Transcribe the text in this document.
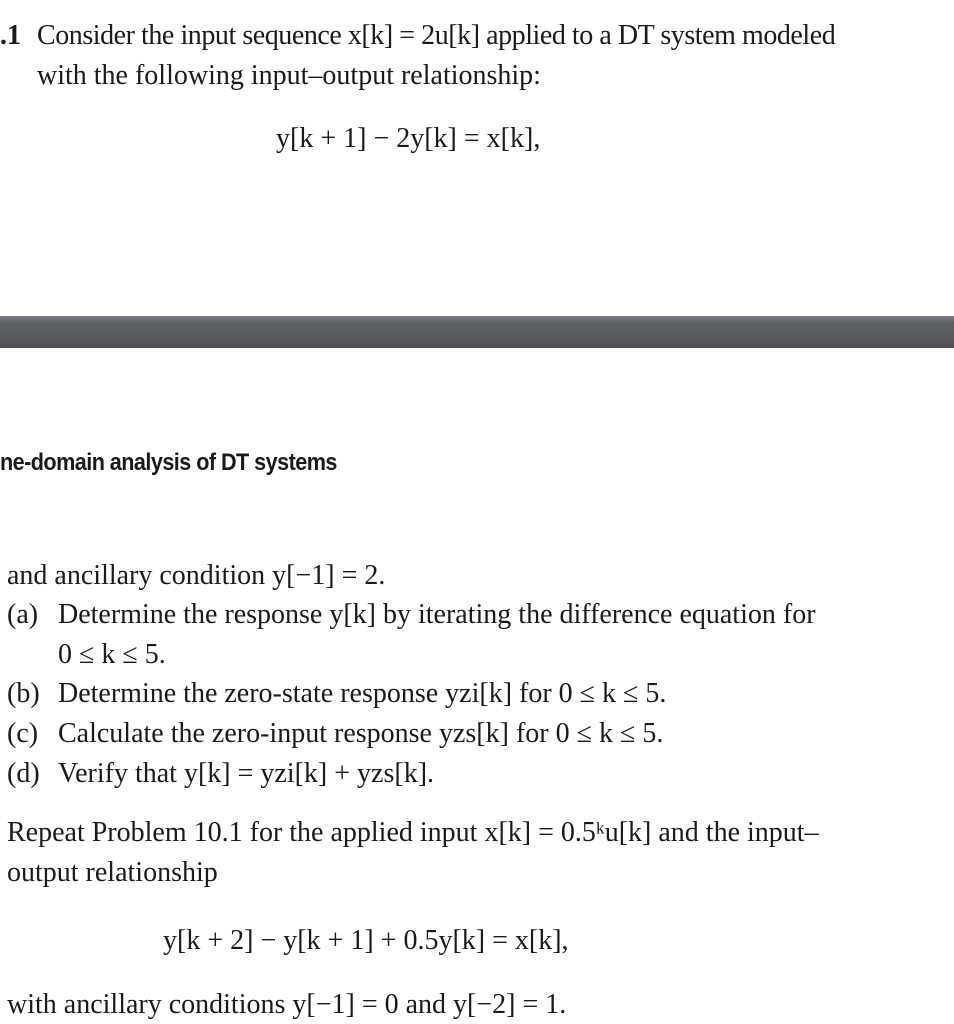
.1 Consider the input sequence x[k] = 2u[k] applied to a DT system modeled
with the following input–output relationship:
y[k + 1] − 2y[k] = x[k],
ne-domain analysis of DT systems
and ancillary condition y[−1] = 2.
(a) Determine the response y[k] by iterating the difference equation for
0 ≤ k ≤ 5.
(b) Determine the zero-state response yzi[k] for 0 ≤ k ≤ 5.
(c) Calculate the zero-input response yzs[k] for 0 ≤ k ≤ 5.
(d) Verify that y[k] = yzi[k] + yzs[k].
Repeat Problem 10.1 for the applied input x[k] = 0.5ᵏu[k] and the input–
output relationship
y[k + 2] − y[k + 1] + 0.5y[k] = x[k],
with ancillary conditions y[−1] = 0 and y[−2] = 1.
